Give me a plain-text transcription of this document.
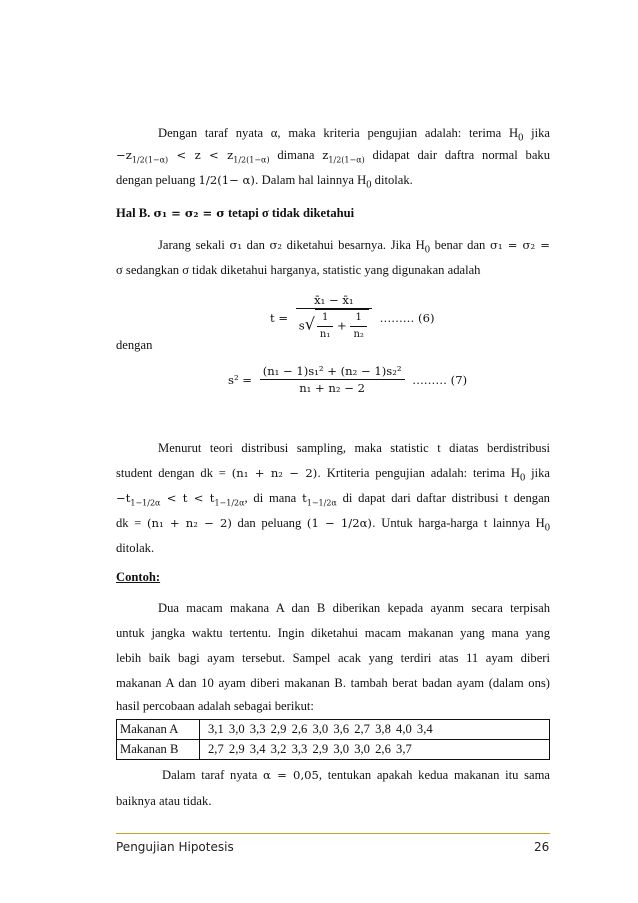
Dengan taraf nyata α, maka kriteria pengujian adalah: terima $H_0$ jika
$-z_{1/2(1-\alpha)} < z < z_{1/2(1-\alpha)}$ dimana $z_{1/2(1-\alpha)}$ didapat dair daftra normal baku
dengan peluang 1/2(1− α). Dalam hal lainnya $H_0$ ditolak.
Hal B. σ₁ = σ₂ = σ tetapi σ tidak diketahui
Jarang sekali σ₁ dan σ₂ diketahui besarnya. Jika $H_0$ benar dan σ₁ = σ₂ =
σ sedangkan σ tidak diketahui harganya, statistic yang digunakan adalah
$t = \frac{\text{x̄₁ − x̄₁}}{s√ \frac{1}{\text{n₁}} + \frac{1}{\text{n₂}}}$ ……… (6)
dengan
$s^2 = \frac{\text{(n₁ − 1)s₁² + (n₂ − 1)s₂²}}{\text{n₁ + n₂ − 2}}$ ……… (7)
Menurut teori distribusi sampling, maka statistic t diatas berdistribusi
student dengan dk = (n₁ + n₂ − 2). Krtiteria pengujian adalah: terima $H_0$ jika
$-t_{1-1/2\alpha} < t < t_{1-1/2\alpha}$, di mana $t_{1-1/2\alpha}$ di dapat dari daftar distribusi t dengan
dk = (n₁ + n₂ − 2) dan peluang (1 − 1/2α). Untuk harga-harga t lainnya $H_0$
ditolak.
Contoh:
Dua macam makana A dan B diberikan kepada ayanm secara terpisah
untuk jangka waktu tertentu. Ingin diketahui macam makanan yang mana yang
lebih baik bagi ayam tersebut. Sampel acak yang terdiri atas 11 ayam diberi
makanan A dan 10 ayam diberi makanan B. tambah berat badan ayam (dalam ons)
hasil percobaan adalah sebagai berikut:
Makanan A	3,1 3,0 3,3 2,9 2,6 3,0 3,6 2,7 3,8 4,0 3,4
Makanan B	2,7 2,9 3,4 3,2 3,3 2,9 3,0 3,0 2,6 3,7
Dalam taraf nyata α = 0,05, tentukan apakah kedua makanan itu sama
baiknya atau tidak.
Pengujian Hipotesis	26
